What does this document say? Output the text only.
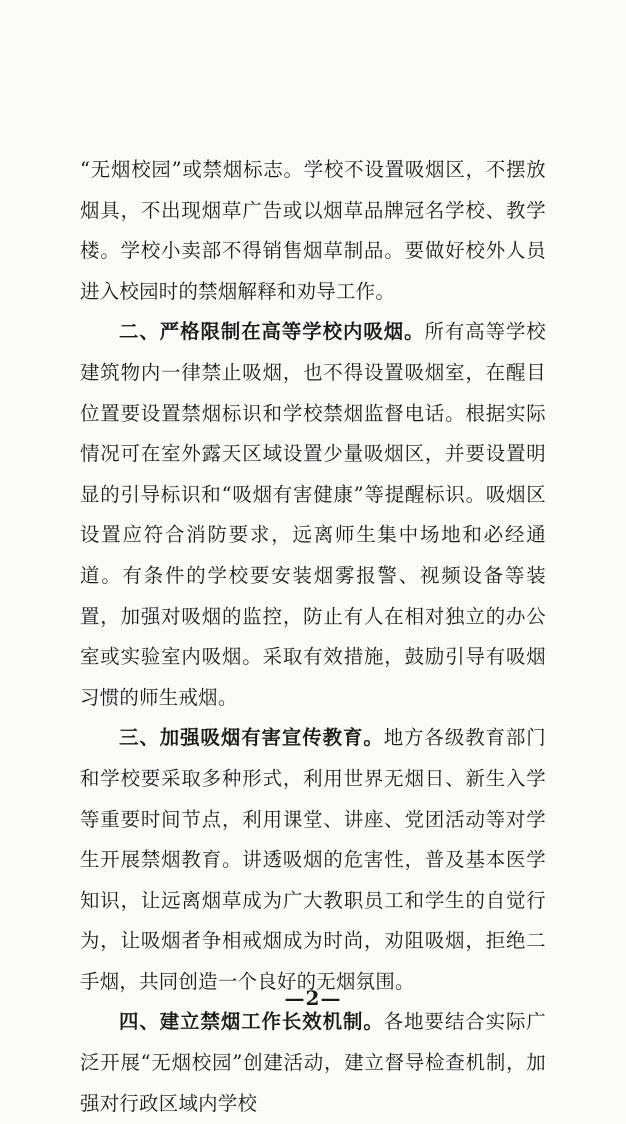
“无烟校园”或禁烟标志。学校不设置吸烟区，不摆放烟具，不出现烟草广告或以烟草品牌冠名学校、教学楼。学校小卖部不得销售烟草制品。要做好校外人员进入校园时的禁烟解释和劝导工作。

二、严格限制在高等学校内吸烟。所有高等学校建筑物内一律禁止吸烟，也不得设置吸烟室，在醒目位置要设置禁烟标识和学校禁烟监督电话。根据实际情况可在室外露天区域设置少量吸烟区，并要设置明显的引导标识和“吸烟有害健康”等提醒标识。吸烟区设置应符合消防要求，远离师生集中场地和必经通道。有条件的学校要安装烟雾报警、视频设备等装置，加强对吸烟的监控，防止有人在相对独立的办公室或实验室内吸烟。采取有效措施，鼓励引导有吸烟习惯的师生戒烟。

三、加强吸烟有害宣传教育。地方各级教育部门和学校要采取多种形式，利用世界无烟日、新生入学等重要时间节点，利用课堂、讲座、党团活动等对学生开展禁烟教育。讲透吸烟的危害性，普及基本医学知识，让远离烟草成为广大教职员工和学生的自觉行为，让吸烟者争相戒烟成为时尚，劝阻吸烟，拒绝二手烟，共同创造一个良好的无烟氛围。

四、建立禁烟工作长效机制。各地要结合实际广泛开展“无烟校园”创建活动，建立督导检查机制，加强对行政区域内学校

—2—
